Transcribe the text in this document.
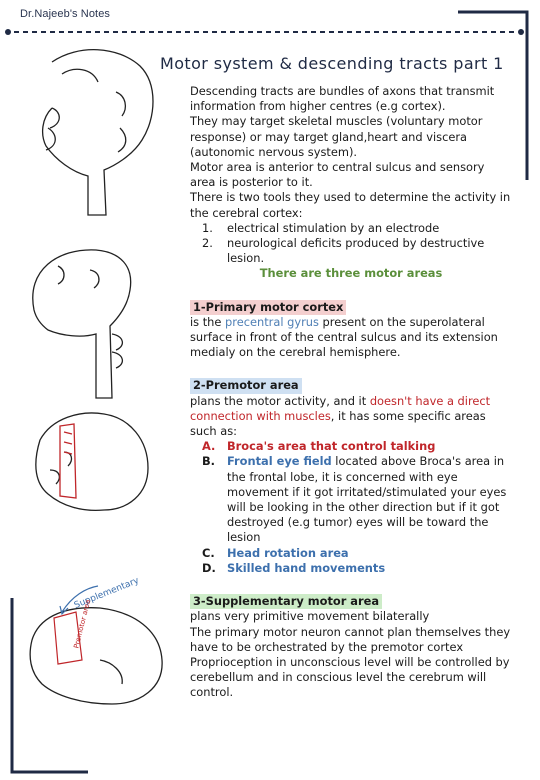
Supplementary
Premotor area
Dr.Najeeb's Notes
Motor system & descending tracts part 1

Descending tracts are bundles of axons that transmit information from higher centres (e.g cortex).

They may target skeletal muscles (voluntary motor response) or may target gland,heart and viscera (autonomic nervous system).

Motor area is anterior to central sulcus and sensory area is posterior to it.

There is two tools they used to determine the activity in the cerebral cortex:

1. electrical stimulation by an electrode
2. neurological deficits produced by destructive lesion.

There are three motor areas

1-Primary motor cortex

is the precentral gyrus present on the superolateral surface in front of the central sulcus and its extension medialy on the cerebral hemisphere.

2-Premotor area

plans the motor activity, and it doesn't have a direct connection with muscles, it has some specific areas such as:

A. Broca's area that control talking
B. Frontal eye field located above Broca's area in the frontal lobe, it is concerned with eye movement if it got irritated/stimulated your eyes will be looking in the other direction but if it got destroyed (e.g tumor) eyes will be toward the lesion
C. Head rotation area
D. Skilled hand movements
3-Supplementary motor area

plans very primitive movement bilaterally

The primary motor neuron cannot plan themselves they have to be orchestrated by the premotor cortex

Proprioception in unconscious level will be controlled by cerebellum and in conscious level the cerebrum will control.
